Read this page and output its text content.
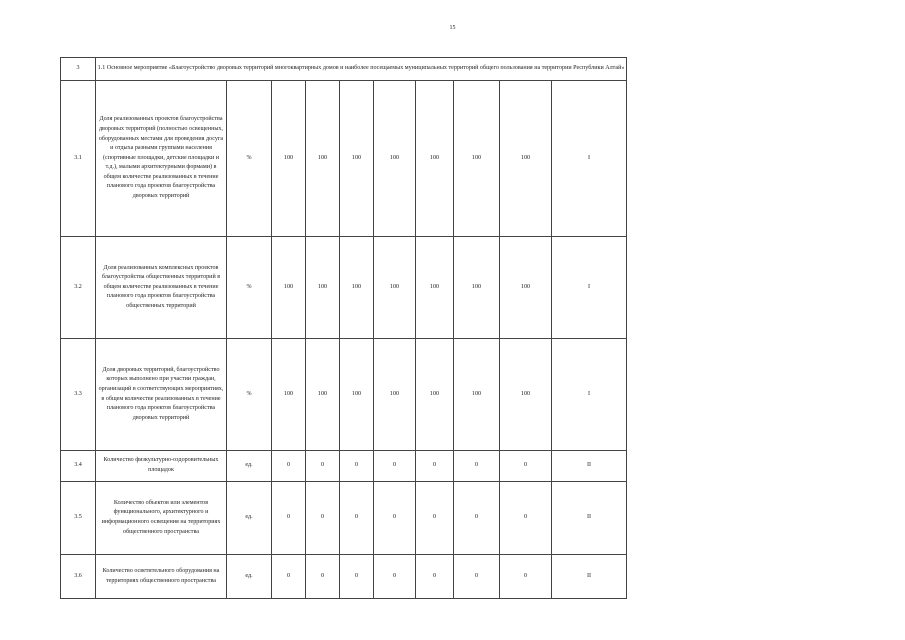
15
3	1.1 Основное мероприятие «Благоустройство дворовых территорий многоквартирных домов и наиболее посещаемых муниципальных территорий общего пользования на территории Республики Алтай»									
3.1	Доля реализованных проектов благоустройства дворовых территорий (полностью освещенных, оборудованных местами для проведения досуга и отдыха разными группами населения (спортивные площадки, детские площадки и т.д.), малыми архитектурными формами) в общем количестве реализованных в течение планового года проектов благоустройства дворовых территорий	%	100	100	100	100	100	100	100	I
3.2	Доля реализованных комплексных проектов благоустройства общественных территорий в общем количестве реализованных в течение планового года проектов благоустройства общественных территорий	%	100	100	100	100	100	100	100	I
3.3	Доля дворовых территорий, благоустройство которых выполнено при участии граждан, организаций в соответствующих мероприятиях, в общем количестве реализованных в течение планового года проектов благоустройства дворовых территорий	%	100	100	100	100	100	100	100	I
3.4	Количество физкультурно-оздоровительных площадок	ед.	0	0	0	0	0	0	0	II
3.5	Количество объектов или элементов функционального, архитектурного и информационного освещения на территориях общественного пространства	ед.	0	0	0	0	0	0	0	II
3.6	Количество осветительного оборудования на территориях общественного пространства	ед.	0	0	0	0	0	0	0	II
